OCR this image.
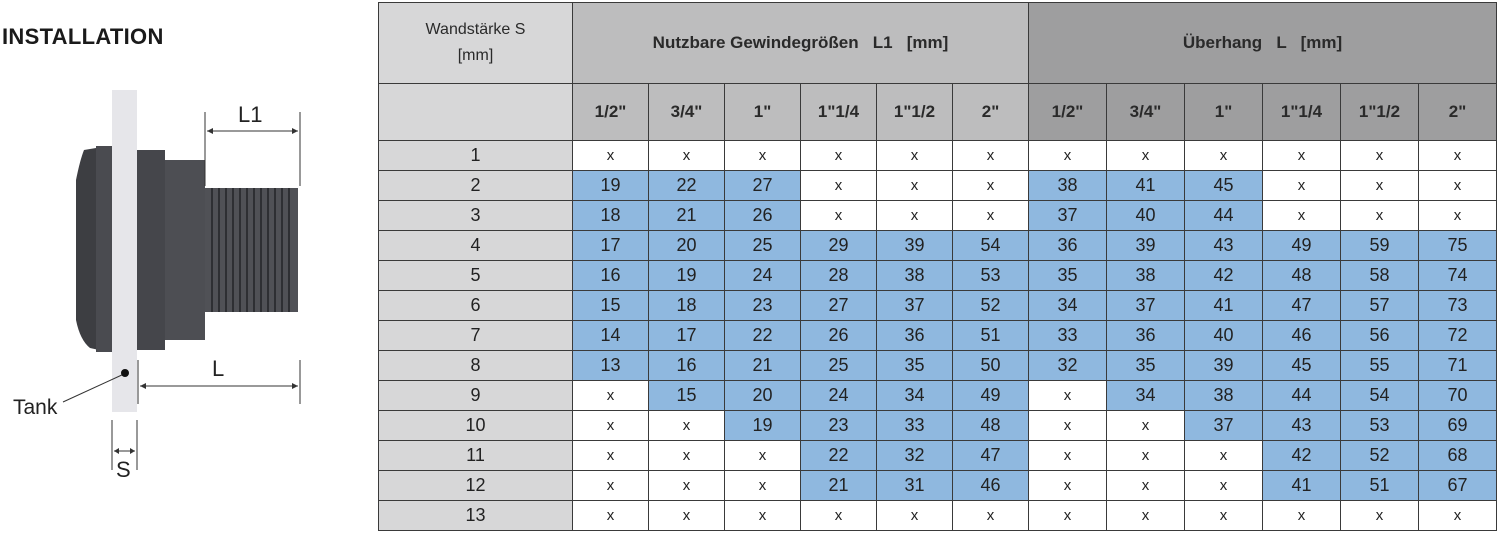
INSTALLATION
L1
L
Tank
S
Wandstärke S [mm]	Nutzbare Gewindegrößen   L1   [mm]						Überhang   L   [mm]					
	1/2"	3/4"	1"	1"1/4	1"1/2	2"	1/2"	3/4"	1"	1"1/4	1"1/2	2"
1	x	x	x	x	x	x	x	x	x	x	x	x
2	19	22	27	x	x	x	38	41	45	x	x	x
3	18	21	26	x	x	x	37	40	44	x	x	x
4	17	20	25	29	39	54	36	39	43	49	59	75
5	16	19	24	28	38	53	35	38	42	48	58	74
6	15	18	23	27	37	52	34	37	41	47	57	73
7	14	17	22	26	36	51	33	36	40	46	56	72
8	13	16	21	25	35	50	32	35	39	45	55	71
9	x	15	20	24	34	49	x	34	38	44	54	70
10	x	x	19	23	33	48	x	x	37	43	53	69
11	x	x	x	22	32	47	x	x	x	42	52	68
12	x	x	x	21	31	46	x	x	x	41	51	67
13	x	x	x	x	x	x	x	x	x	x	x	x
